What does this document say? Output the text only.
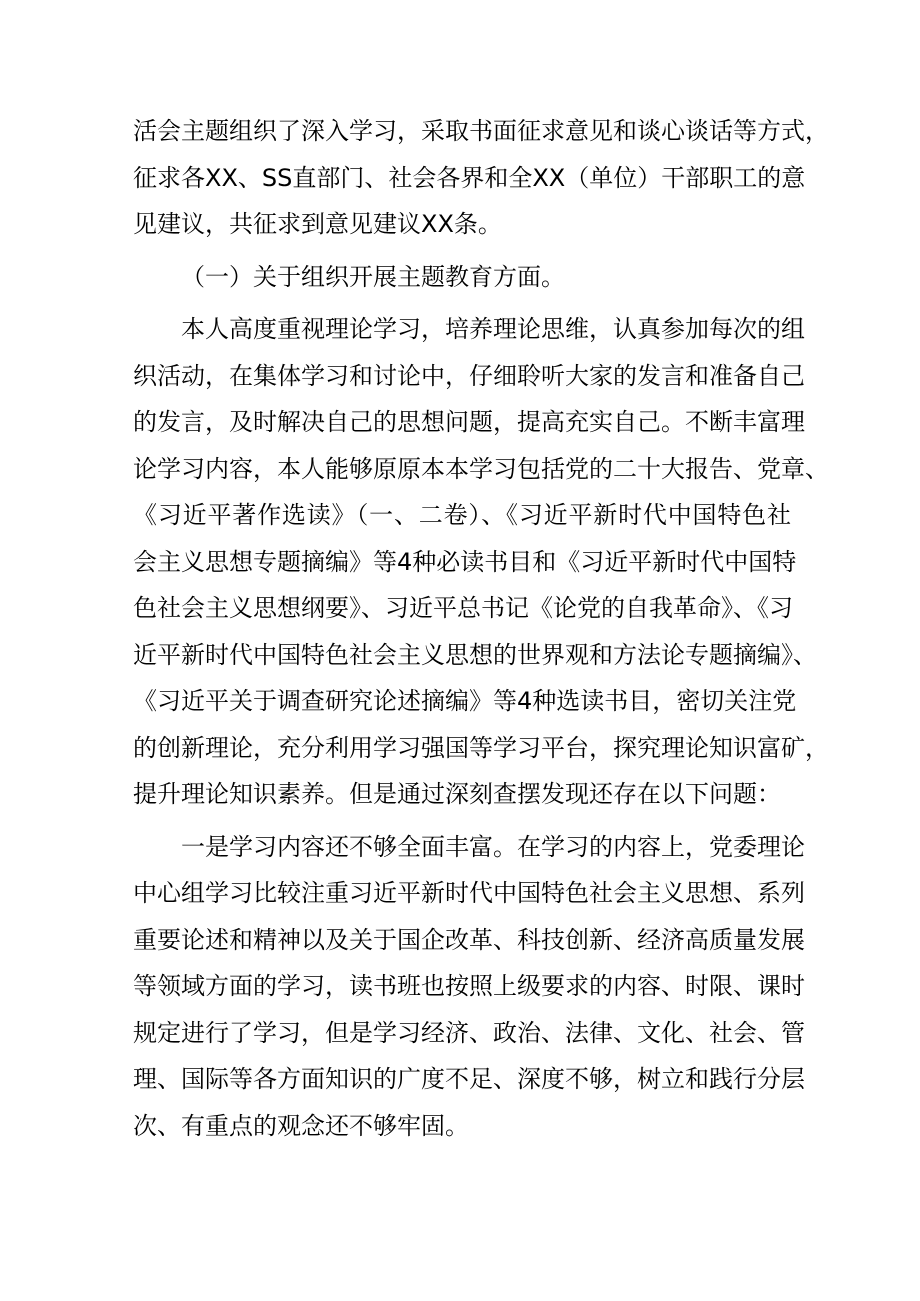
活会主题组织了深入学习，采取书面征求意见和谈心谈话等方式，
征求各XX、SS直部门、社会各界和全XX（单位）干部职工的意
见建议，共征求到意见建议XX条。
（一）关于组织开展主题教育方面。
本人高度重视理论学习，培养理论思维，认真参加每次的组
织活动，在集体学习和讨论中，仔细聆听大家的发言和准备自己
的发言，及时解决自己的思想问题，提高充实自己。不断丰富理
论学习内容，本人能够原原本本学习包括党的二十大报告、党章、
《习近平著作选读》（一、二卷）、《习近平新时代中国特色社
会主义思想专题摘编》等4种必读书目和《习近平新时代中国特
色社会主义思想纲要》、习近平总书记《论党的自我革命》、《习
近平新时代中国特色社会主义思想的世界观和方法论专题摘编》、
《习近平关于调查研究论述摘编》等4种选读书目，密切关注党
的创新理论，充分利用学习强国等学习平台，探究理论知识富矿，
提升理论知识素养。但是通过深刻查摆发现还存在以下问题：
一是学习内容还不够全面丰富。在学习的内容上，党委理论
中心组学习比较注重习近平新时代中国特色社会主义思想、系列
重要论述和精神以及关于国企改革、科技创新、经济高质量发展
等领域方面的学习，读书班也按照上级要求的内容、时限、课时
规定进行了学习，但是学习经济、政治、法律、文化、社会、管
理、国际等各方面知识的广度不足、深度不够，树立和践行分层
次、有重点的观念还不够牢固。
